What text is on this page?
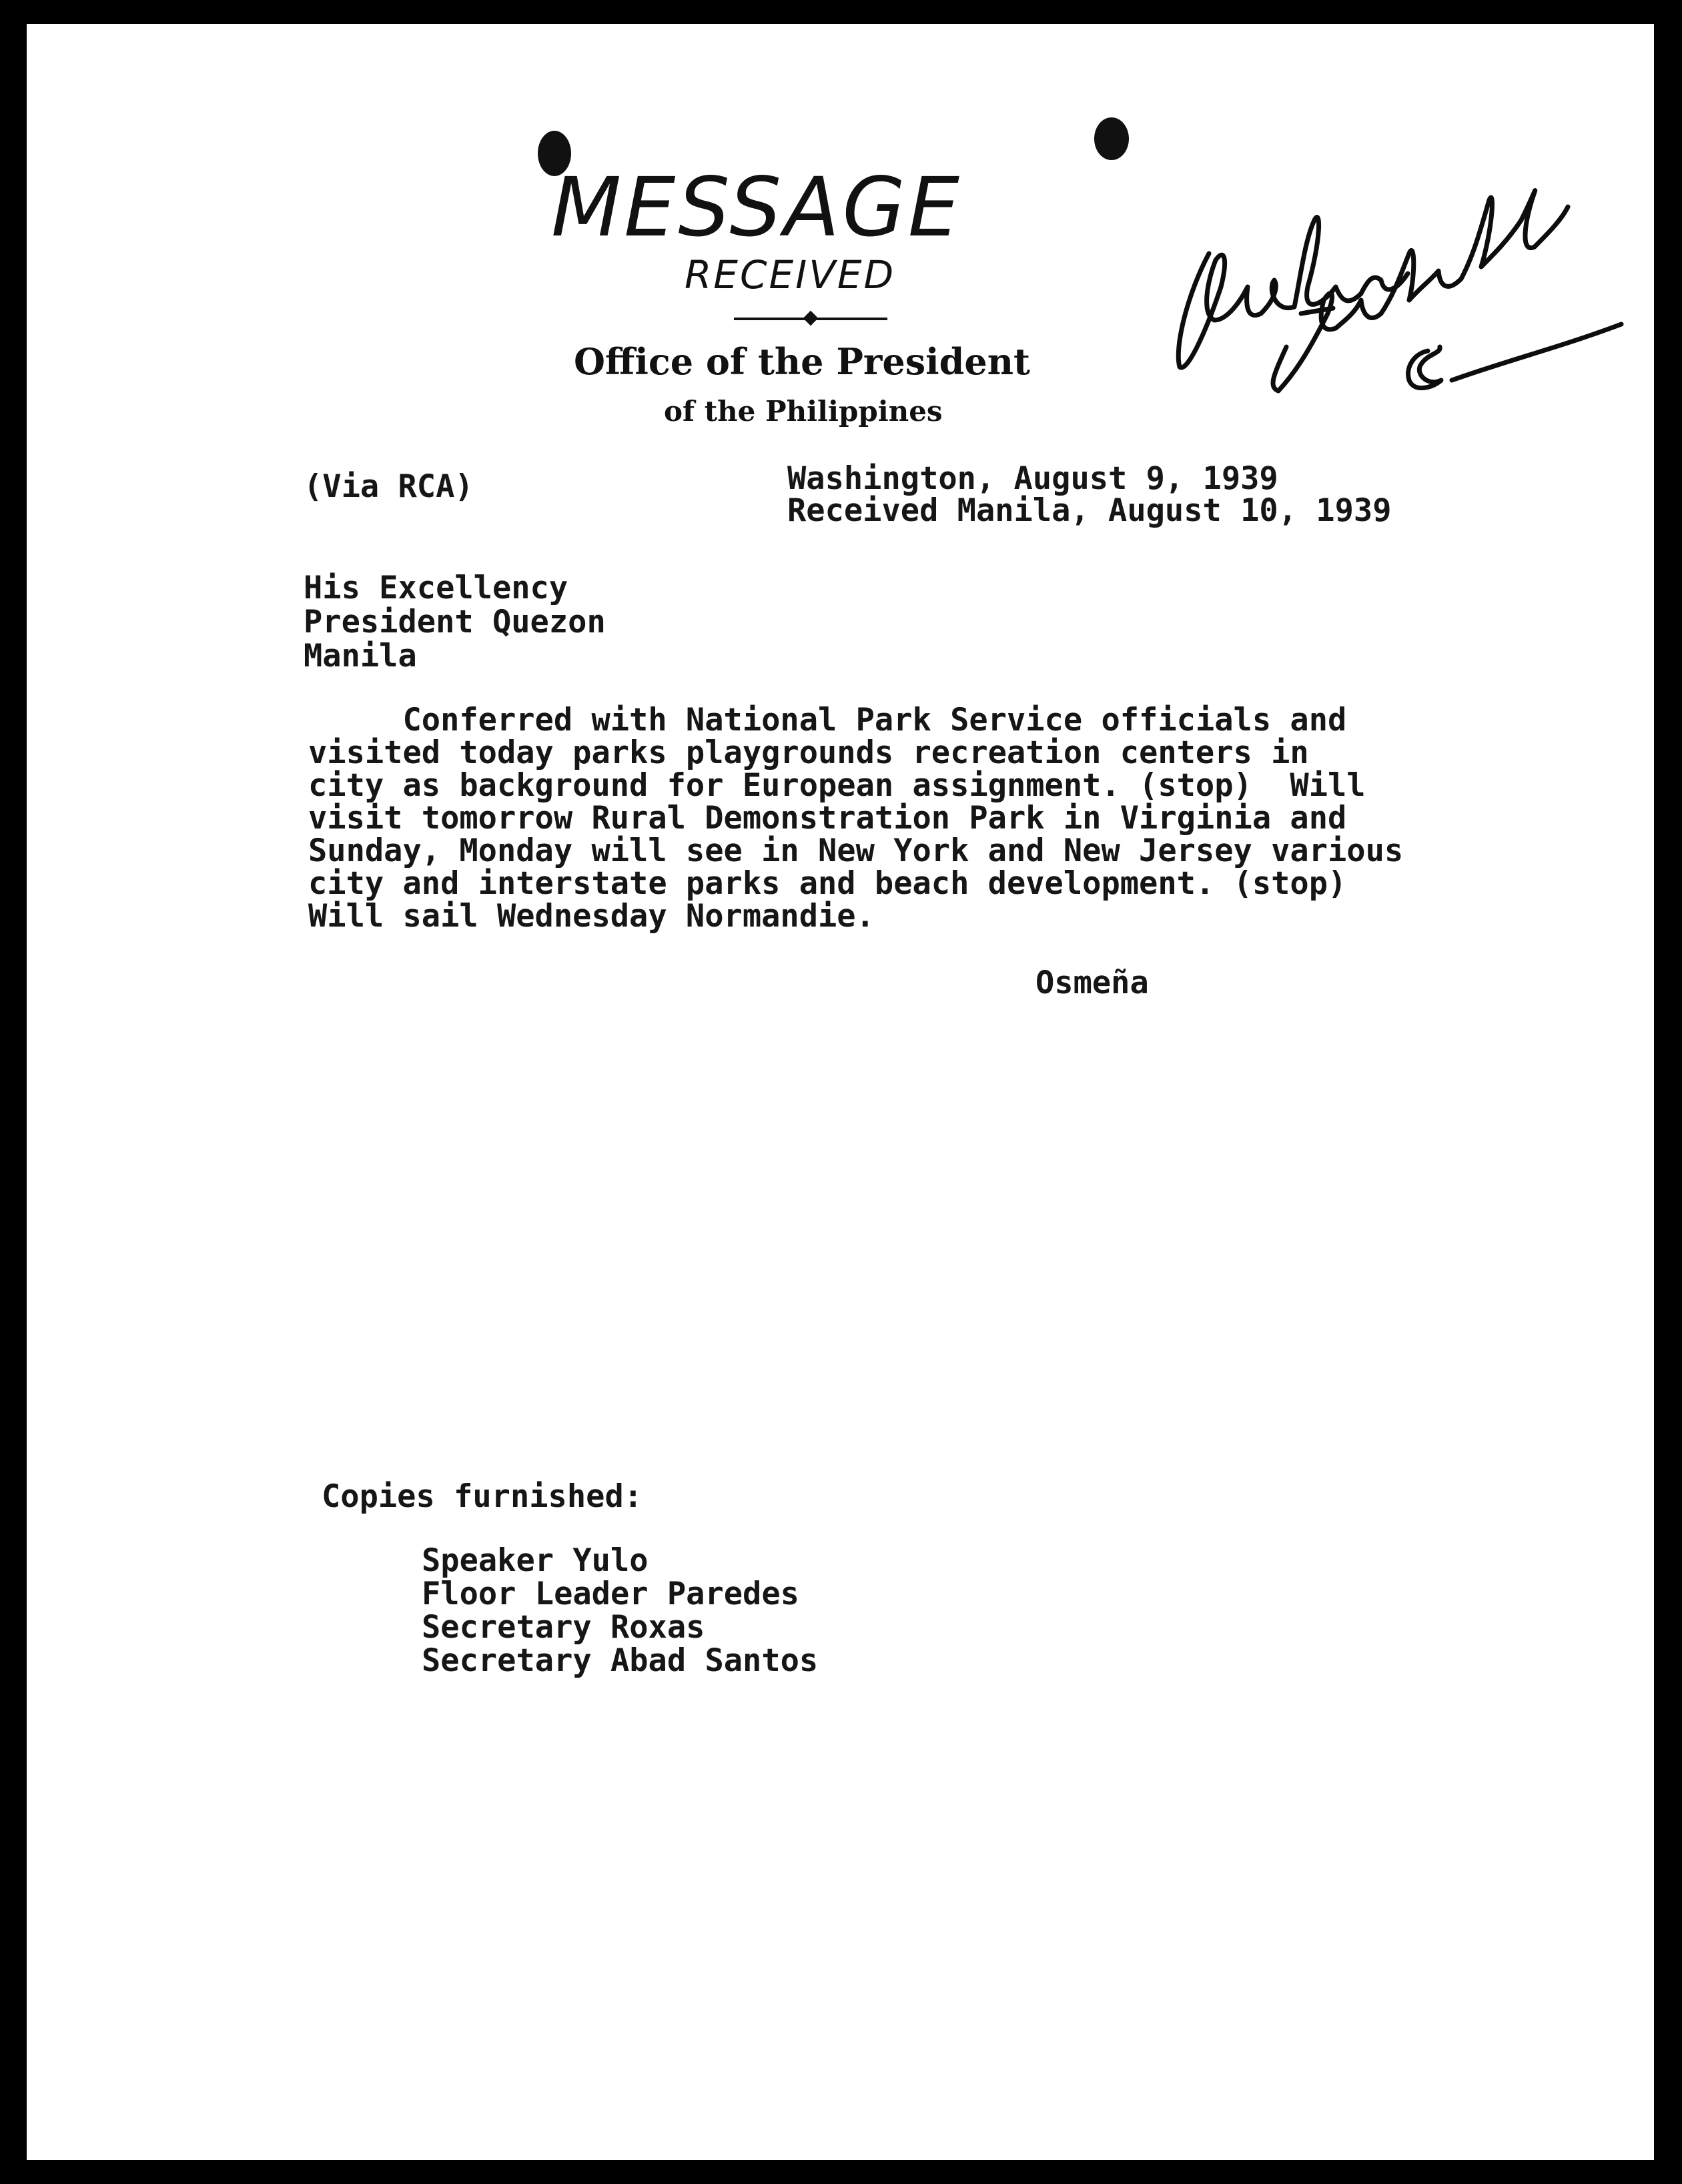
MESSAGE
RECEIVED
Office of the President
of the Philippines
(Via RCA)	Washington, August 9, 1939
Received Manila, August 10, 1939
His Excellency
President Quezon
Manila
Conferred with National Park Service officials and
visited today parks playgrounds recreation centers in
city as background for European assignment. (stop)  Will
visit tomorrow Rural Demonstration Park in Virginia and
Sunday, Monday will see in New York and New Jersey various
city and interstate parks and beach development. (stop)
Will sail Wednesday Normandie.
Osmeña
Copies furnished:
Speaker Yulo
Floor Leader Paredes
Secretary Roxas
Secretary Abad Santos
